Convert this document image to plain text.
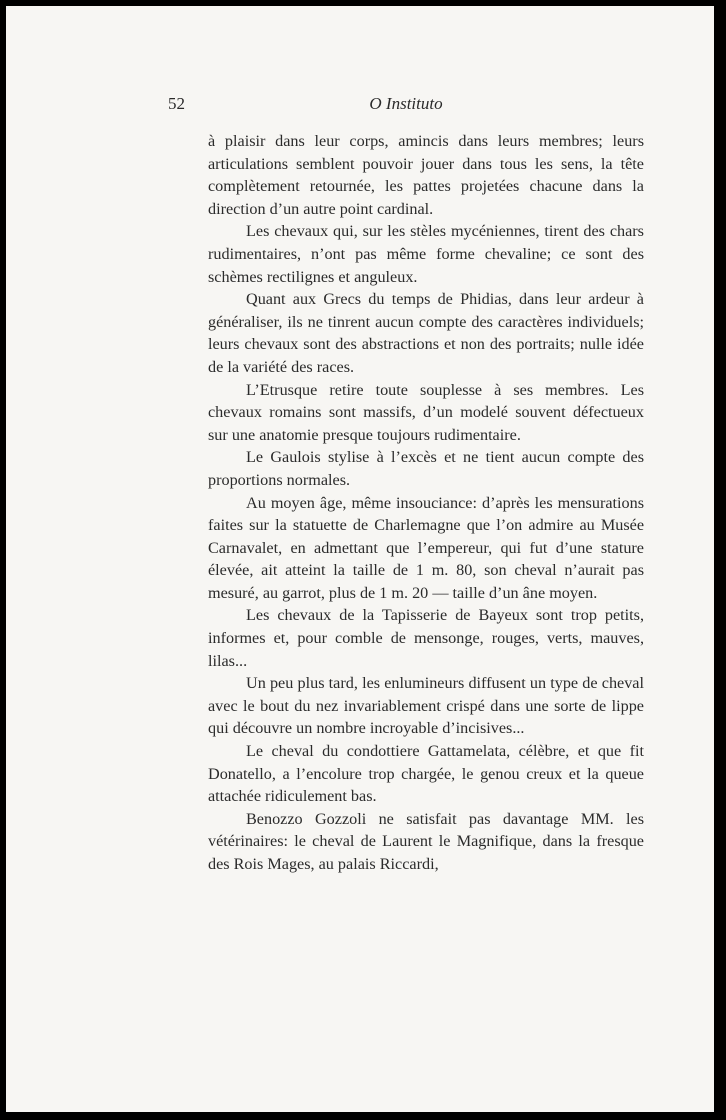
52	O Instituto

à plaisir dans leur corps, amincis dans leurs membres; leurs articulations semblent pouvoir jouer dans tous les sens, la tête complètement retournée, les pattes projetées chacune dans la direction d’un autre point cardinal.

Les chevaux qui, sur les stèles mycéniennes, tirent des chars rudimentaires, n’ont pas même forme chevaline; ce sont des schèmes rectilignes et anguleux.

Quant aux Grecs du temps de Phidias, dans leur ardeur à généraliser, ils ne tinrent aucun compte des caractères individuels; leurs chevaux sont des abstractions et non des portraits; nulle idée de la variété des races.

L’Etrusque retire toute souplesse à ses membres. Les chevaux romains sont massifs, d’un modelé souvent défectueux sur une anatomie presque toujours rudimentaire.

Le Gaulois stylise à l’excès et ne tient aucun compte des proportions normales.

Au moyen âge, même insouciance: d’après les mensurations faites sur la statuette de Charlemagne que l’on admire au Musée Carnavalet, en admettant que l’empereur, qui fut d’une stature élevée, ait atteint la taille de 1 m. 80, son cheval n’aurait pas mesuré, au garrot, plus de 1 m. 20 — taille d’un âne moyen.

Les chevaux de la Tapisserie de Bayeux sont trop petits, informes et, pour comble de mensonge, rouges, verts, mauves, lilas...

Un peu plus tard, les enlumineurs diffusent un type de cheval avec le bout du nez invariablement crispé dans une sorte de lippe qui découvre un nombre incroyable d’incisives...

Le cheval du condottiere Gattamelata, célèbre, et que fit Donatello, a l’encolure trop chargée, le genou creux et la queue attachée ridiculement bas.

Benozzo Gozzoli ne satisfait pas davantage MM. les vétérinaires: le cheval de Laurent le Magnifique, dans la fresque des Rois Mages, au palais Riccardi,
